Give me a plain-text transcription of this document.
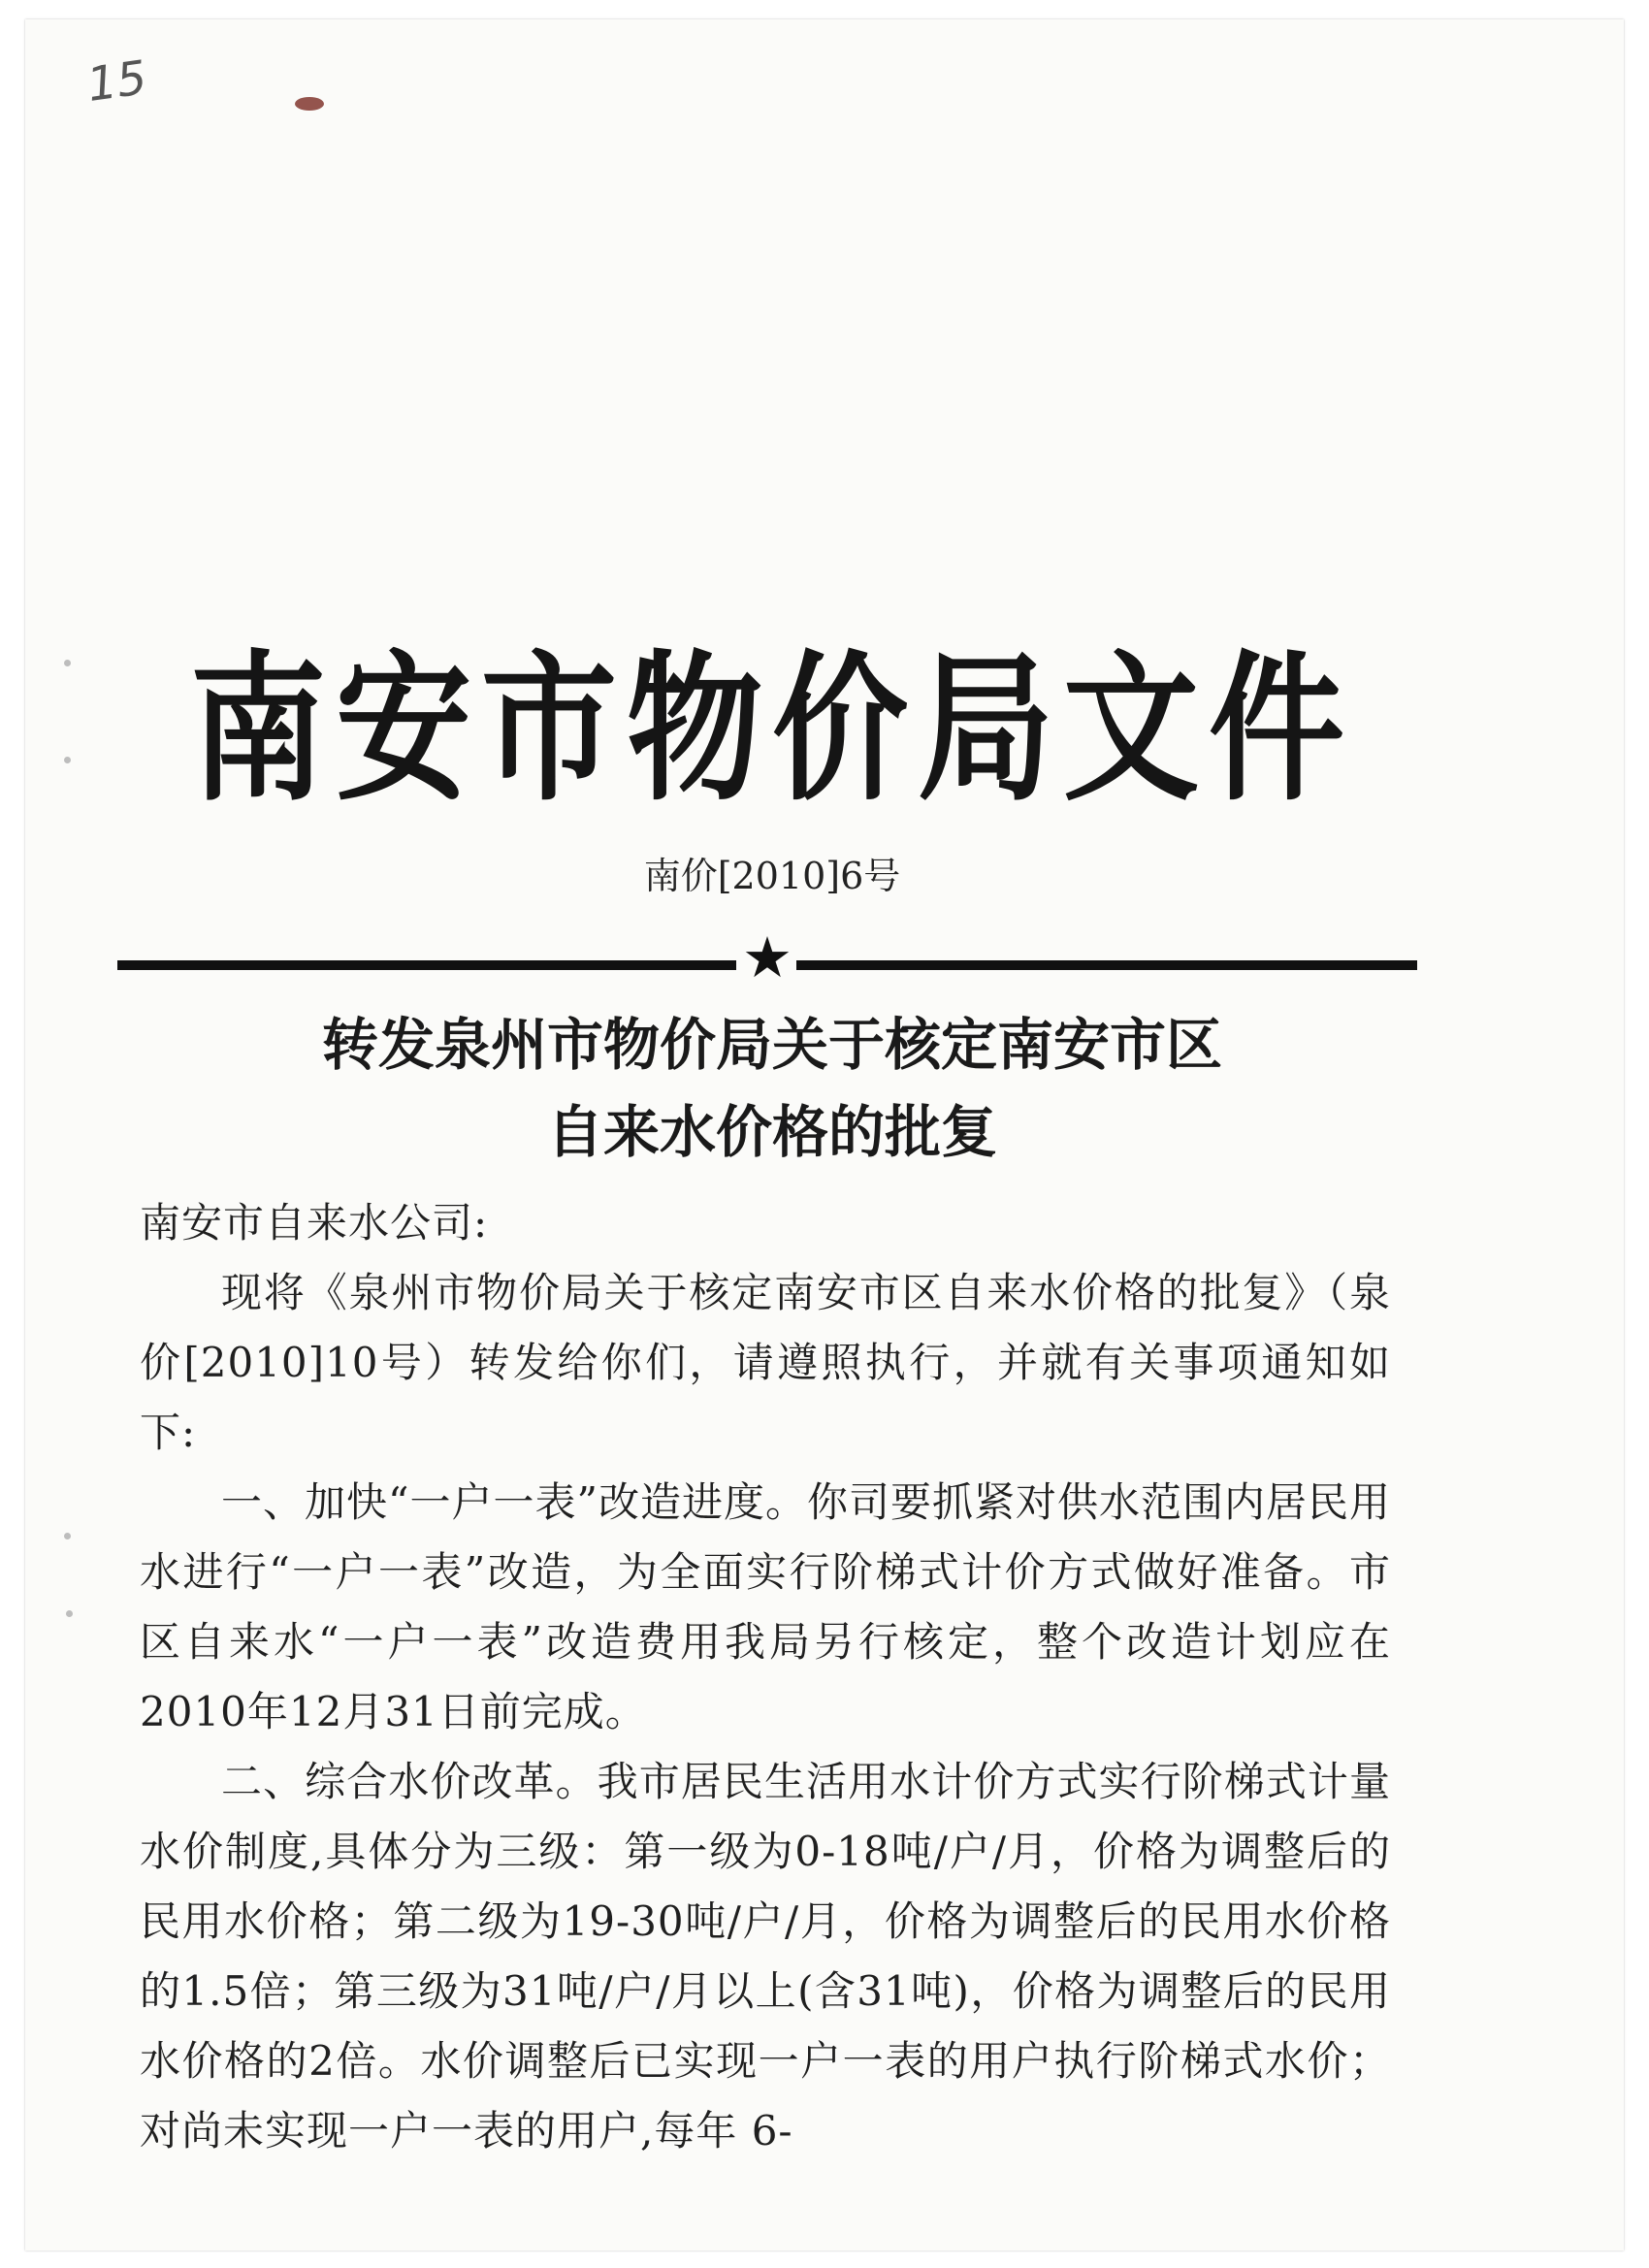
15
南安市物价局文件
南价[2010]6号
★
转发泉州市物价局关于核定南安市区
自来水价格的批复

南安市自来水公司:

现将《泉州市物价局关于核定南安市区自来水价格的批复》（泉价[2010]10号）转发给你们，请遵照执行，并就有关事项通知如下:

一、加快“一户一表”改造进度。你司要抓紧对供水范围内居民用水进行“一户一表”改造，为全面实行阶梯式计价方式做好准备。市区自来水“一户一表”改造费用我局另行核定，整个改造计划应在2010年12月31日前完成。

二、综合水价改革。我市居民生活用水计价方式实行阶梯式计量水价制度,具体分为三级：第一级为0-18吨/户/月，价格为调整后的民用水价格；第二级为19-30吨/户/月，价格为调整后的民用水价格的1.5倍；第三级为31吨/户/月以上(含31吨)，价格为调整后的民用水价格的2倍。水价调整后已实现一户一表的用户执行阶梯式水价；对尚未实现一户一表的用户,每年 6-
